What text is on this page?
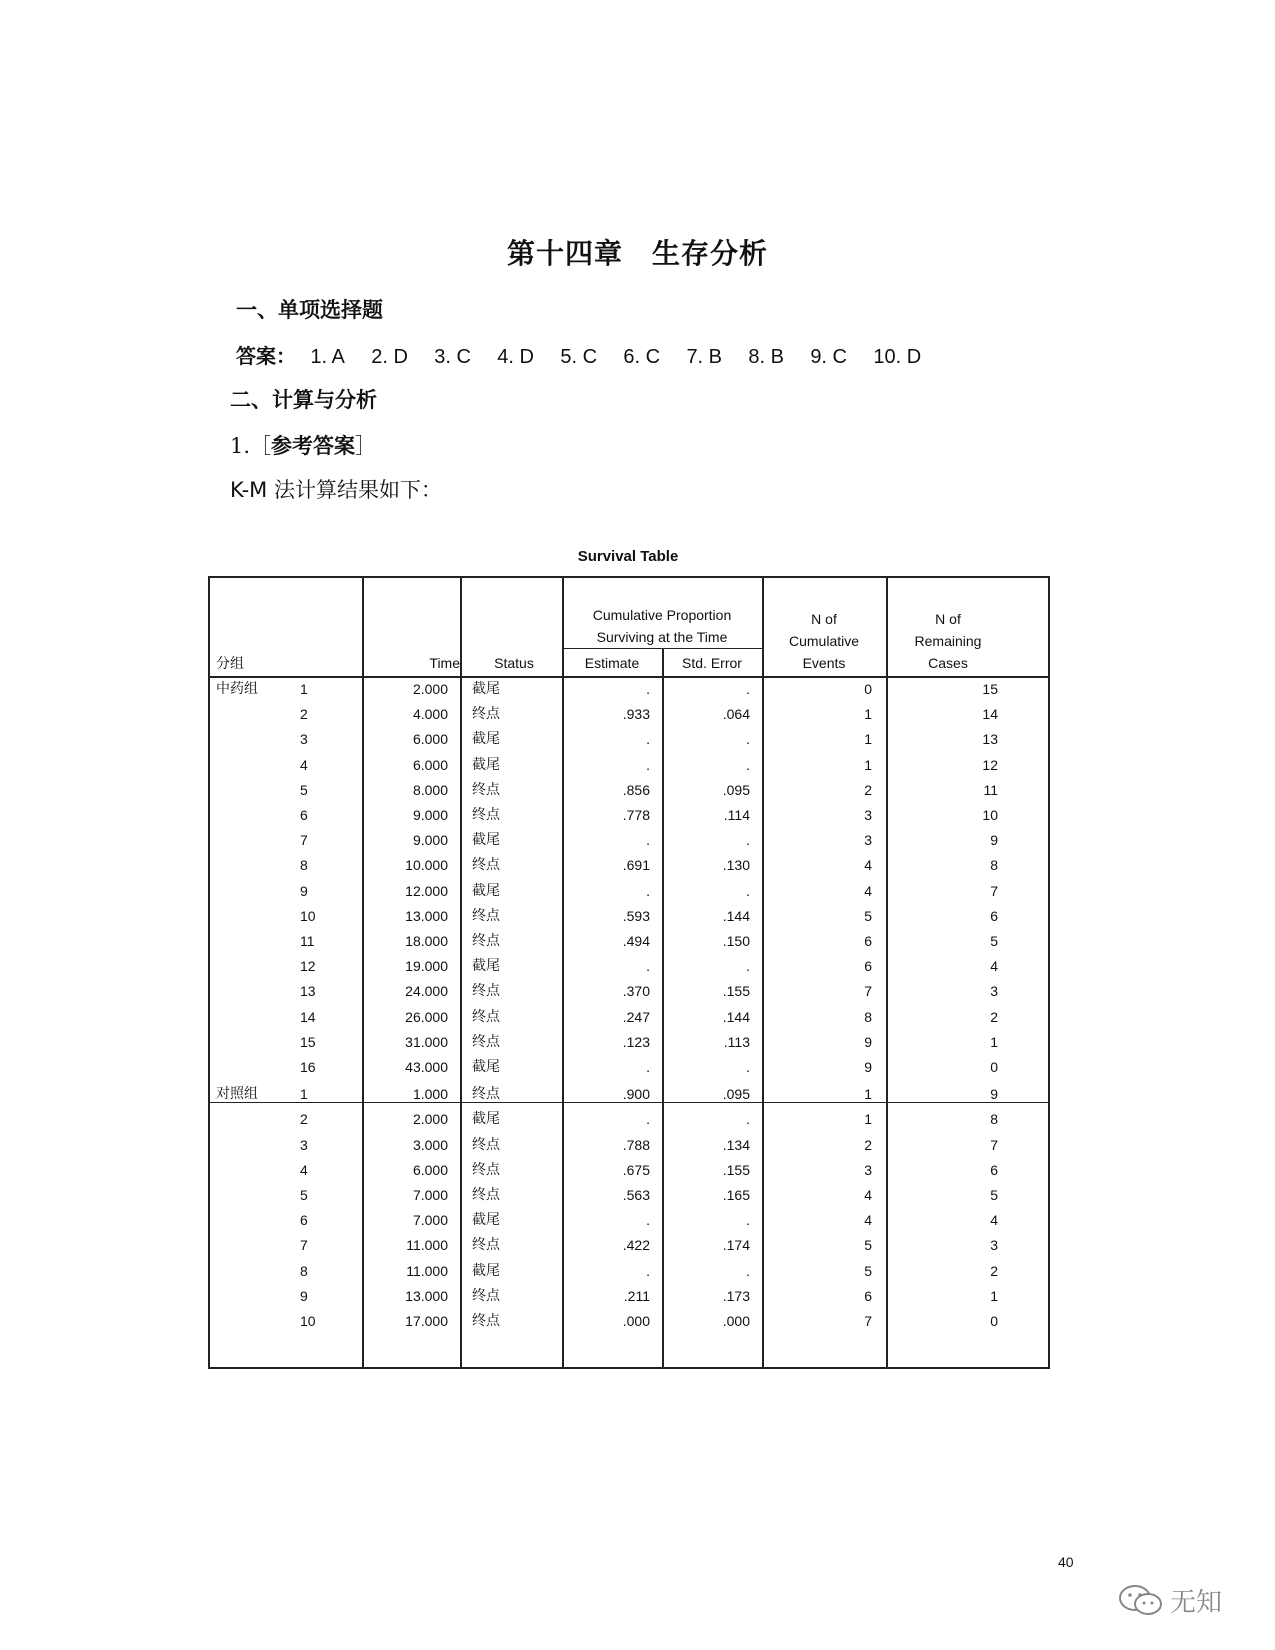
第十四章　生存分析
一、单项选择题
答案： 1. A 2. D 3. C 4. D 5. C 6. C 7. B 8. B 9. C 10. D
二、计算与分析
1.［参考答案］
K-M 法计算结果如下：
Survival Table
分组	Time	Status
Cumulative Proportion
Surviving at the Time
Estimate	Std. Error
N of
Cumulative
Events
N of
Remaining
Cases
中药组	1	2.000 截尾	.	.	0	15
2	4.000 终点	.933	.064	1	14
3	6.000 截尾	.	.	1	13
4	6.000 截尾	.	.	1	12
5	8.000 终点	.856	.095	2	11
6	9.000 终点	.778	.114	3	10
7	9.000 截尾	.	.	3	9
8	10.000 终点	.691	.130	4	8
9	12.000 截尾	.	.	4	7
10	13.000 终点	.593	.144	5	6
11	18.000 终点	.494	.150	6	5
12	19.000 截尾	.	.	6	4
13	24.000 终点	.370	.155	7	3
14	26.000 终点	.247	.144	8	2
15	31.000 终点	.123	.113	9	1
16	43.000 截尾	.	.	9	0
对照组	1	1.000 终点	.900	.095	1	9
2	2.000 截尾	.	.	1	8
3	3.000 终点	.788	.134	2	7
4	6.000 终点	.675	.155	3	6
5	7.000 终点	.563	.165	4	5
6	7.000 截尾	.	.	4	4
7	11.000 终点	.422	.174	5	3
8	11.000 截尾	.	.	5	2
9	13.000 终点	.211	.173	6	1
10	17.000 终点	.000	.000	7	0
40
无知
